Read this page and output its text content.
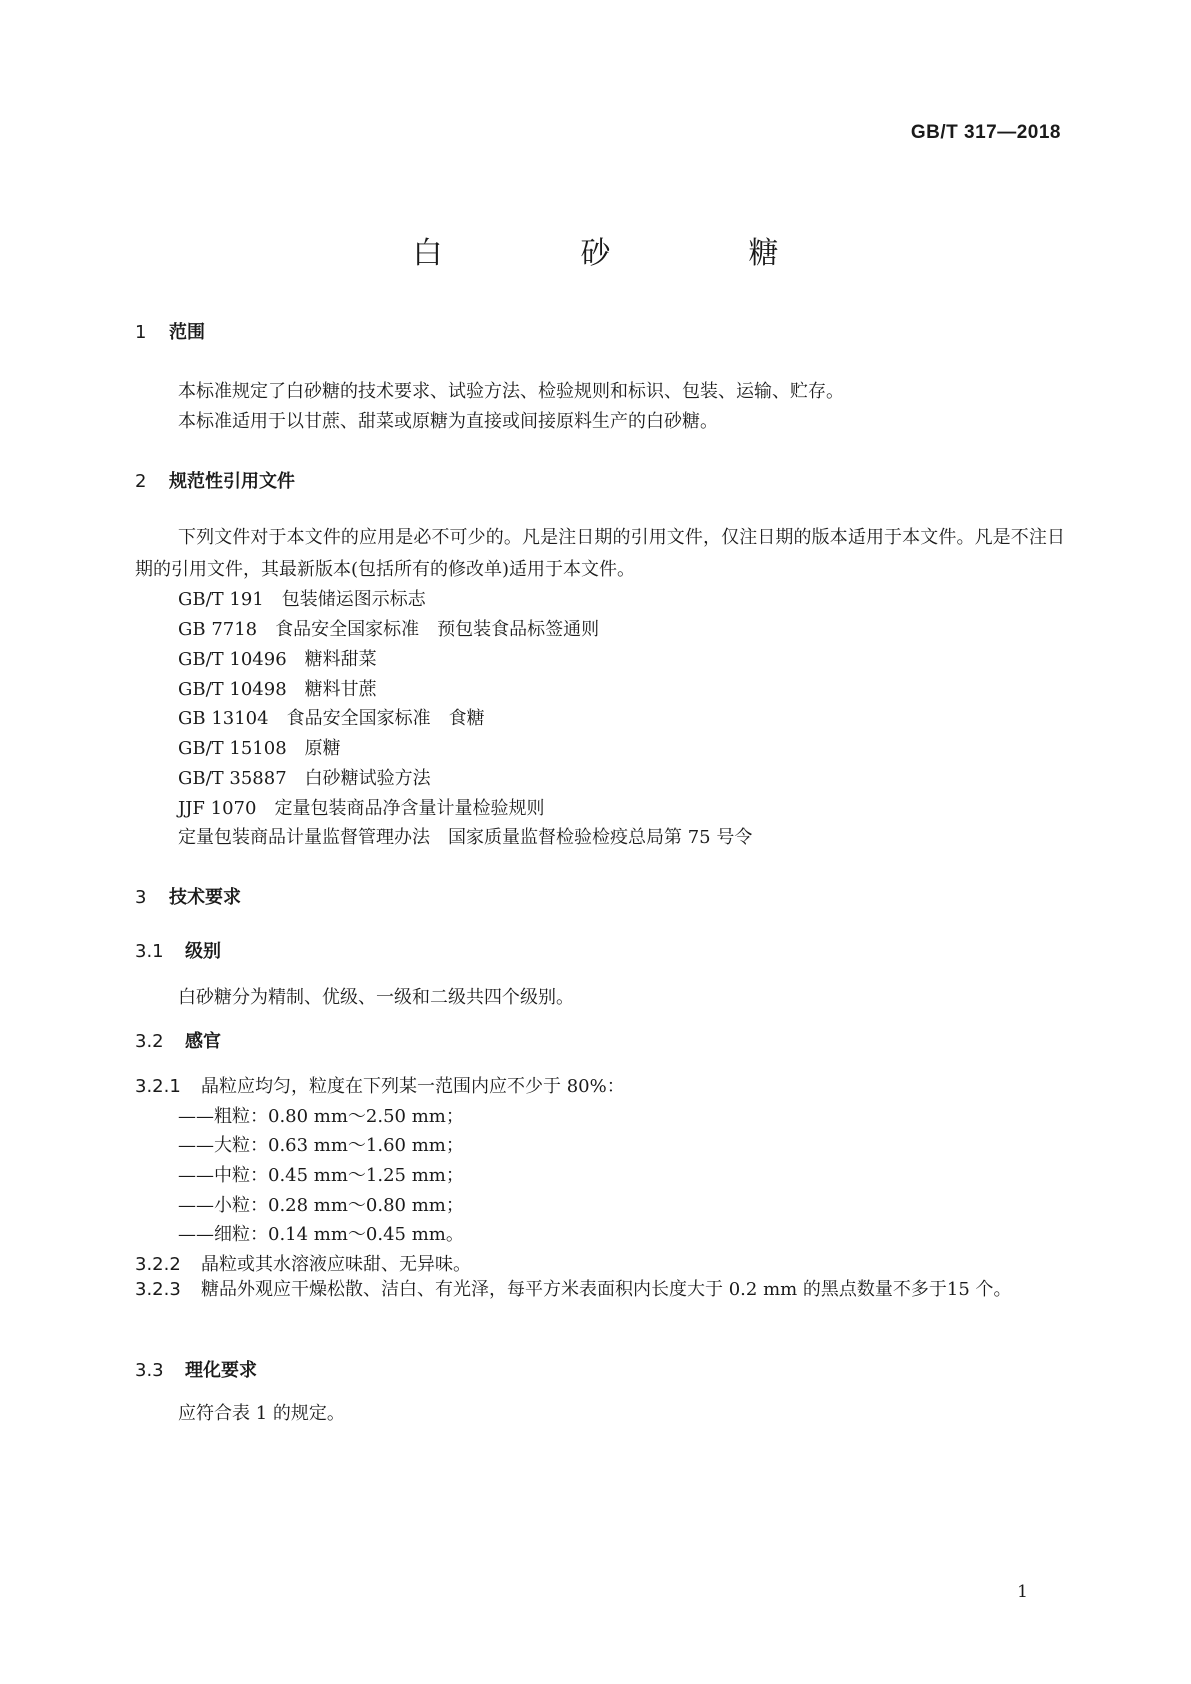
GB/T 317—2018
白　砂　糖
1 范围
本标准规定了白砂糖的技术要求、试验方法、检验规则和标识、包装、运输、贮存。
本标准适用于以甘蔗、甜菜或原糖为直接或间接原料生产的白砂糖。
2 规范性引用文件
下列文件对于本文件的应用是必不可少的。凡是注日期的引用文件，仅注日期的版本适用于本文件。凡是不注日期的引用文件，其最新版本(包括所有的修改单)适用于本文件。
GB/T 191 包装储运图示标志
GB 7718 食品安全国家标准　预包装食品标签通则
GB/T 10496 糖料甜菜
GB/T 10498 糖料甘蔗
GB 13104 食品安全国家标准　食糖
GB/T 15108 原糖
GB/T 35887 白砂糖试验方法
JJF 1070 定量包装商品净含量计量检验规则
定量包装商品计量监督管理办法 国家质量监督检验检疫总局第 75 号令
3 技术要求
3.1 级别
白砂糖分为精制、优级、一级和二级共四个级别。
3.2 感官
3.2.1 晶粒应均匀，粒度在下列某一范围内应不少于 80%：
——粗粒：0.80 mm～2.50 mm；
——大粒：0.63 mm～1.60 mm；
——中粒：0.45 mm～1.25 mm；
——小粒：0.28 mm～0.80 mm；
——细粒：0.14 mm～0.45 mm。
3.2.2 晶粒或其水溶液应味甜、无异味。
3.2.3 糖品外观应干燥松散、洁白、有光泽，每平方米表面积内长度大于 0.2 mm 的黑点数量不多于15 个。
3.3 理化要求
应符合表 1 的规定。
1
